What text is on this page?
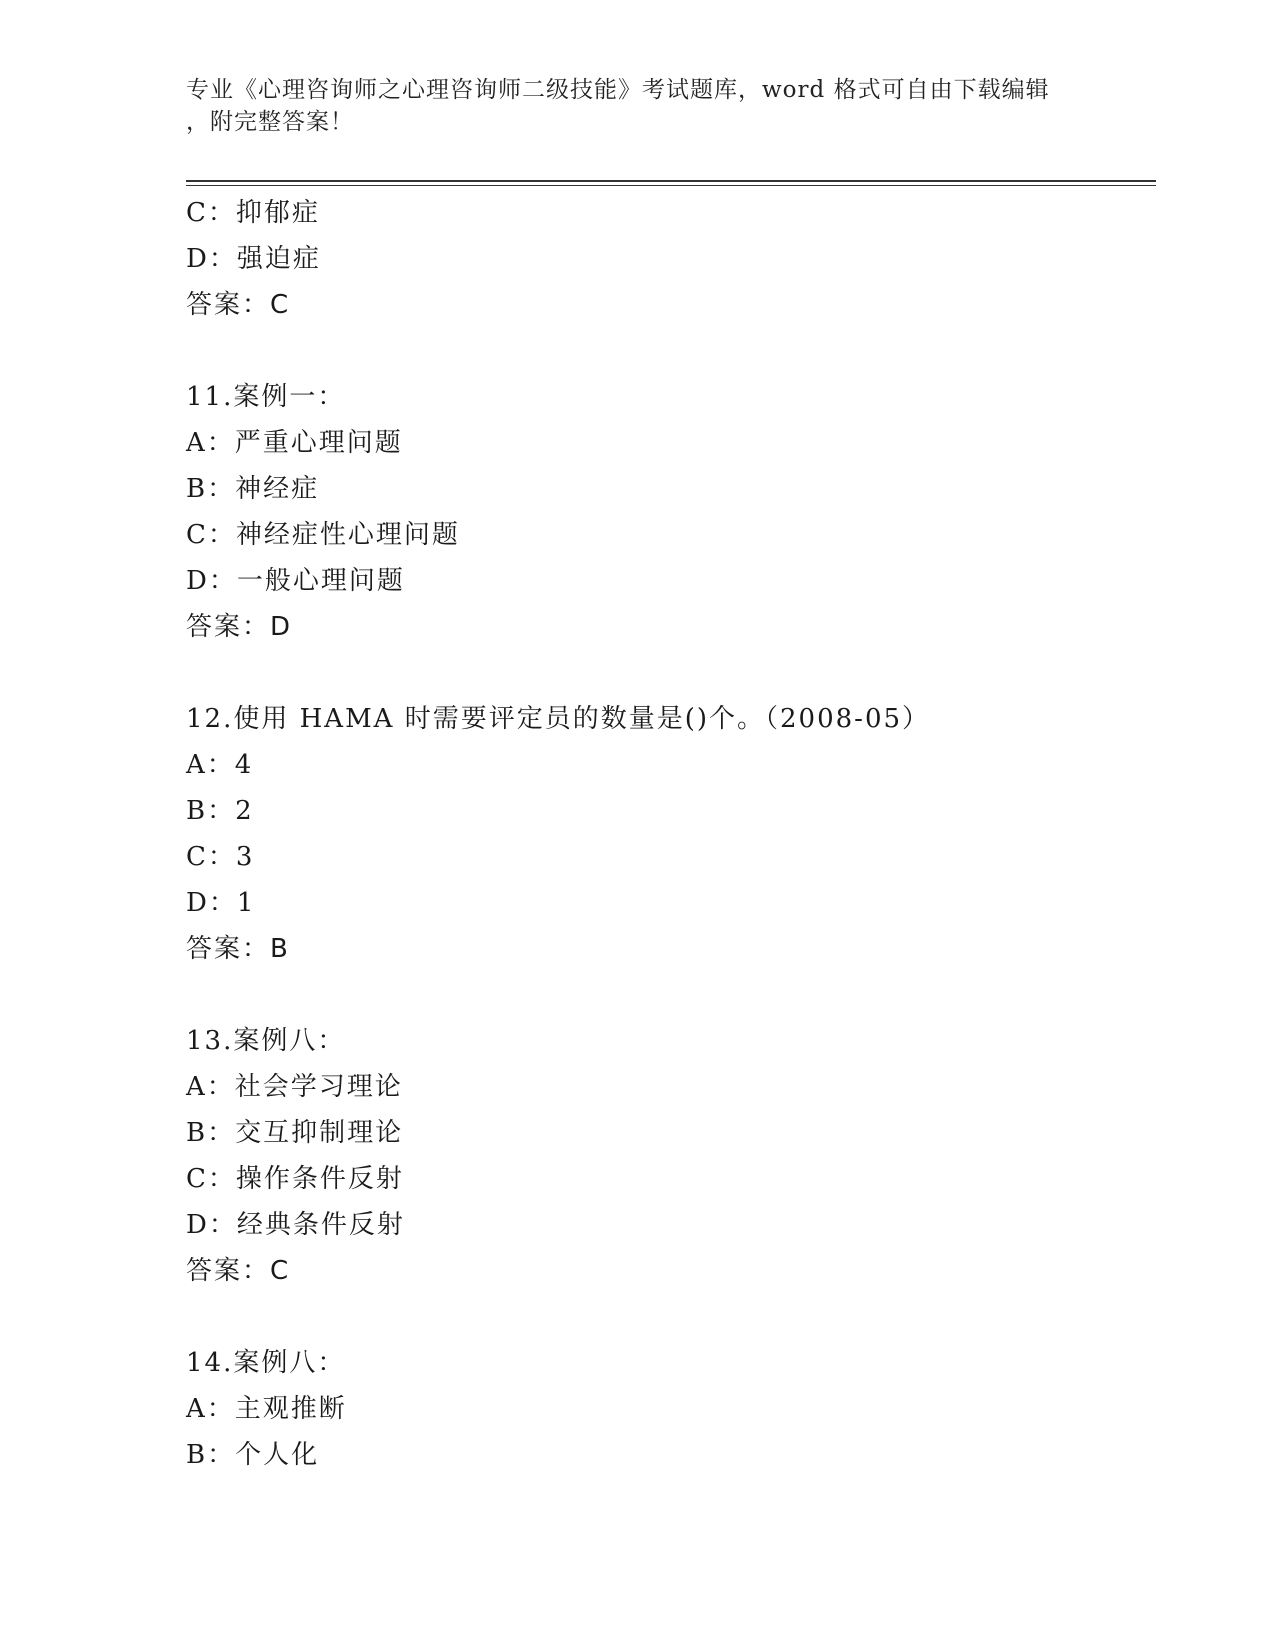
专业《心理咨询师之心理咨询师二级技能》考试题库，word 格式可自由下载编辑
，附完整答案！
C：抑郁症
D：强迫症
答案：C
11.案例一：
A：严重心理问题
B：神经症
C：神经症性心理问题
D：一般心理问题
答案：D
12.使用 HAMA 时需要评定员的数量是()个。（2008-05）
A：4
B：2
C：3
D：1
答案：B
13.案例八：
A：社会学习理论
B：交互抑制理论
C：操作条件反射
D：经典条件反射
答案：C
14.案例八：
A：主观推断
B：个人化
